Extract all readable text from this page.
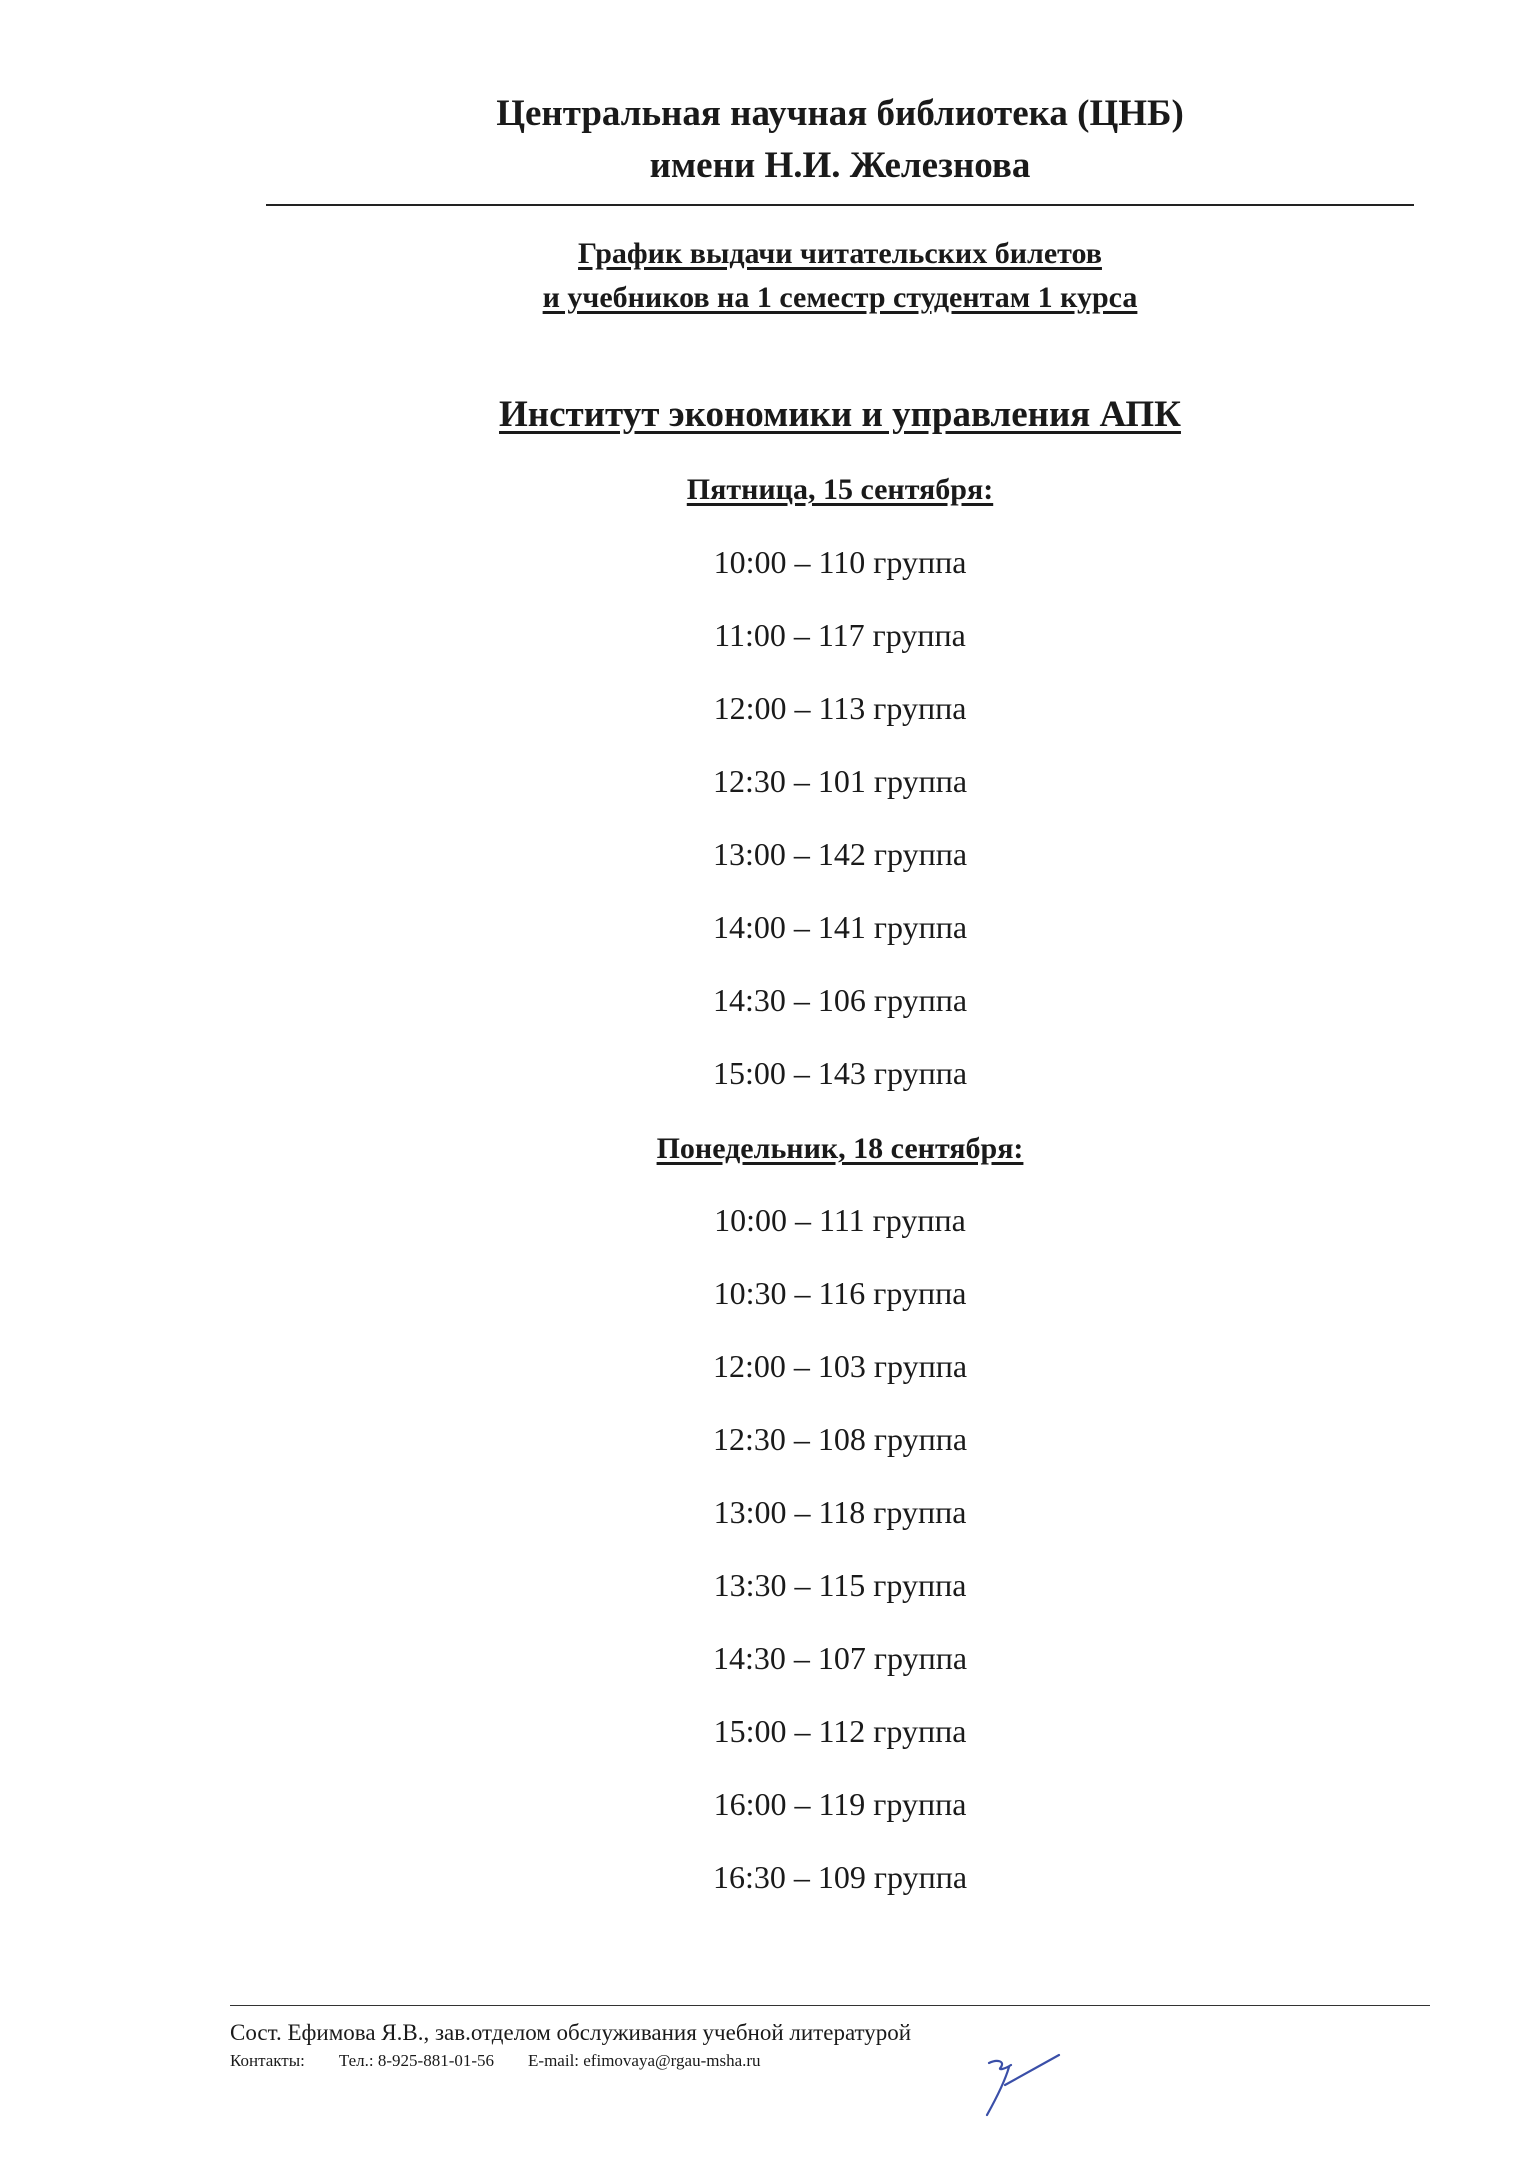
Центральная научная библиотека (ЦНБ)
имени Н.И. Железнова
График выдачи читательских билетов
и учебников на 1 семестр студентам 1 курса
Институт экономики и управления АПК
Пятница, 15 сентября:
10:00 – 110 группа
11:00 – 117 группа
12:00 – 113 группа
12:30 – 101 группа
13:00 – 142 группа
14:00 – 141 группа
14:30 – 106 группа
15:00 – 143 группа
Понедельник, 18 сентября:
10:00 – 111 группа
10:30 – 116 группа
12:00 – 103 группа
12:30 – 108 группа
13:00 – 118 группа
13:30 – 115 группа
14:30 – 107 группа
15:00 – 112 группа
16:00 – 119 группа
16:30 – 109 группа
Сост. Ефимова Я.В., зав.отделом обслуживания учебной литературой
Контакты: Тел.: 8-925-881-01-56 E-mail: efimovaya@rgau-msha.ru
